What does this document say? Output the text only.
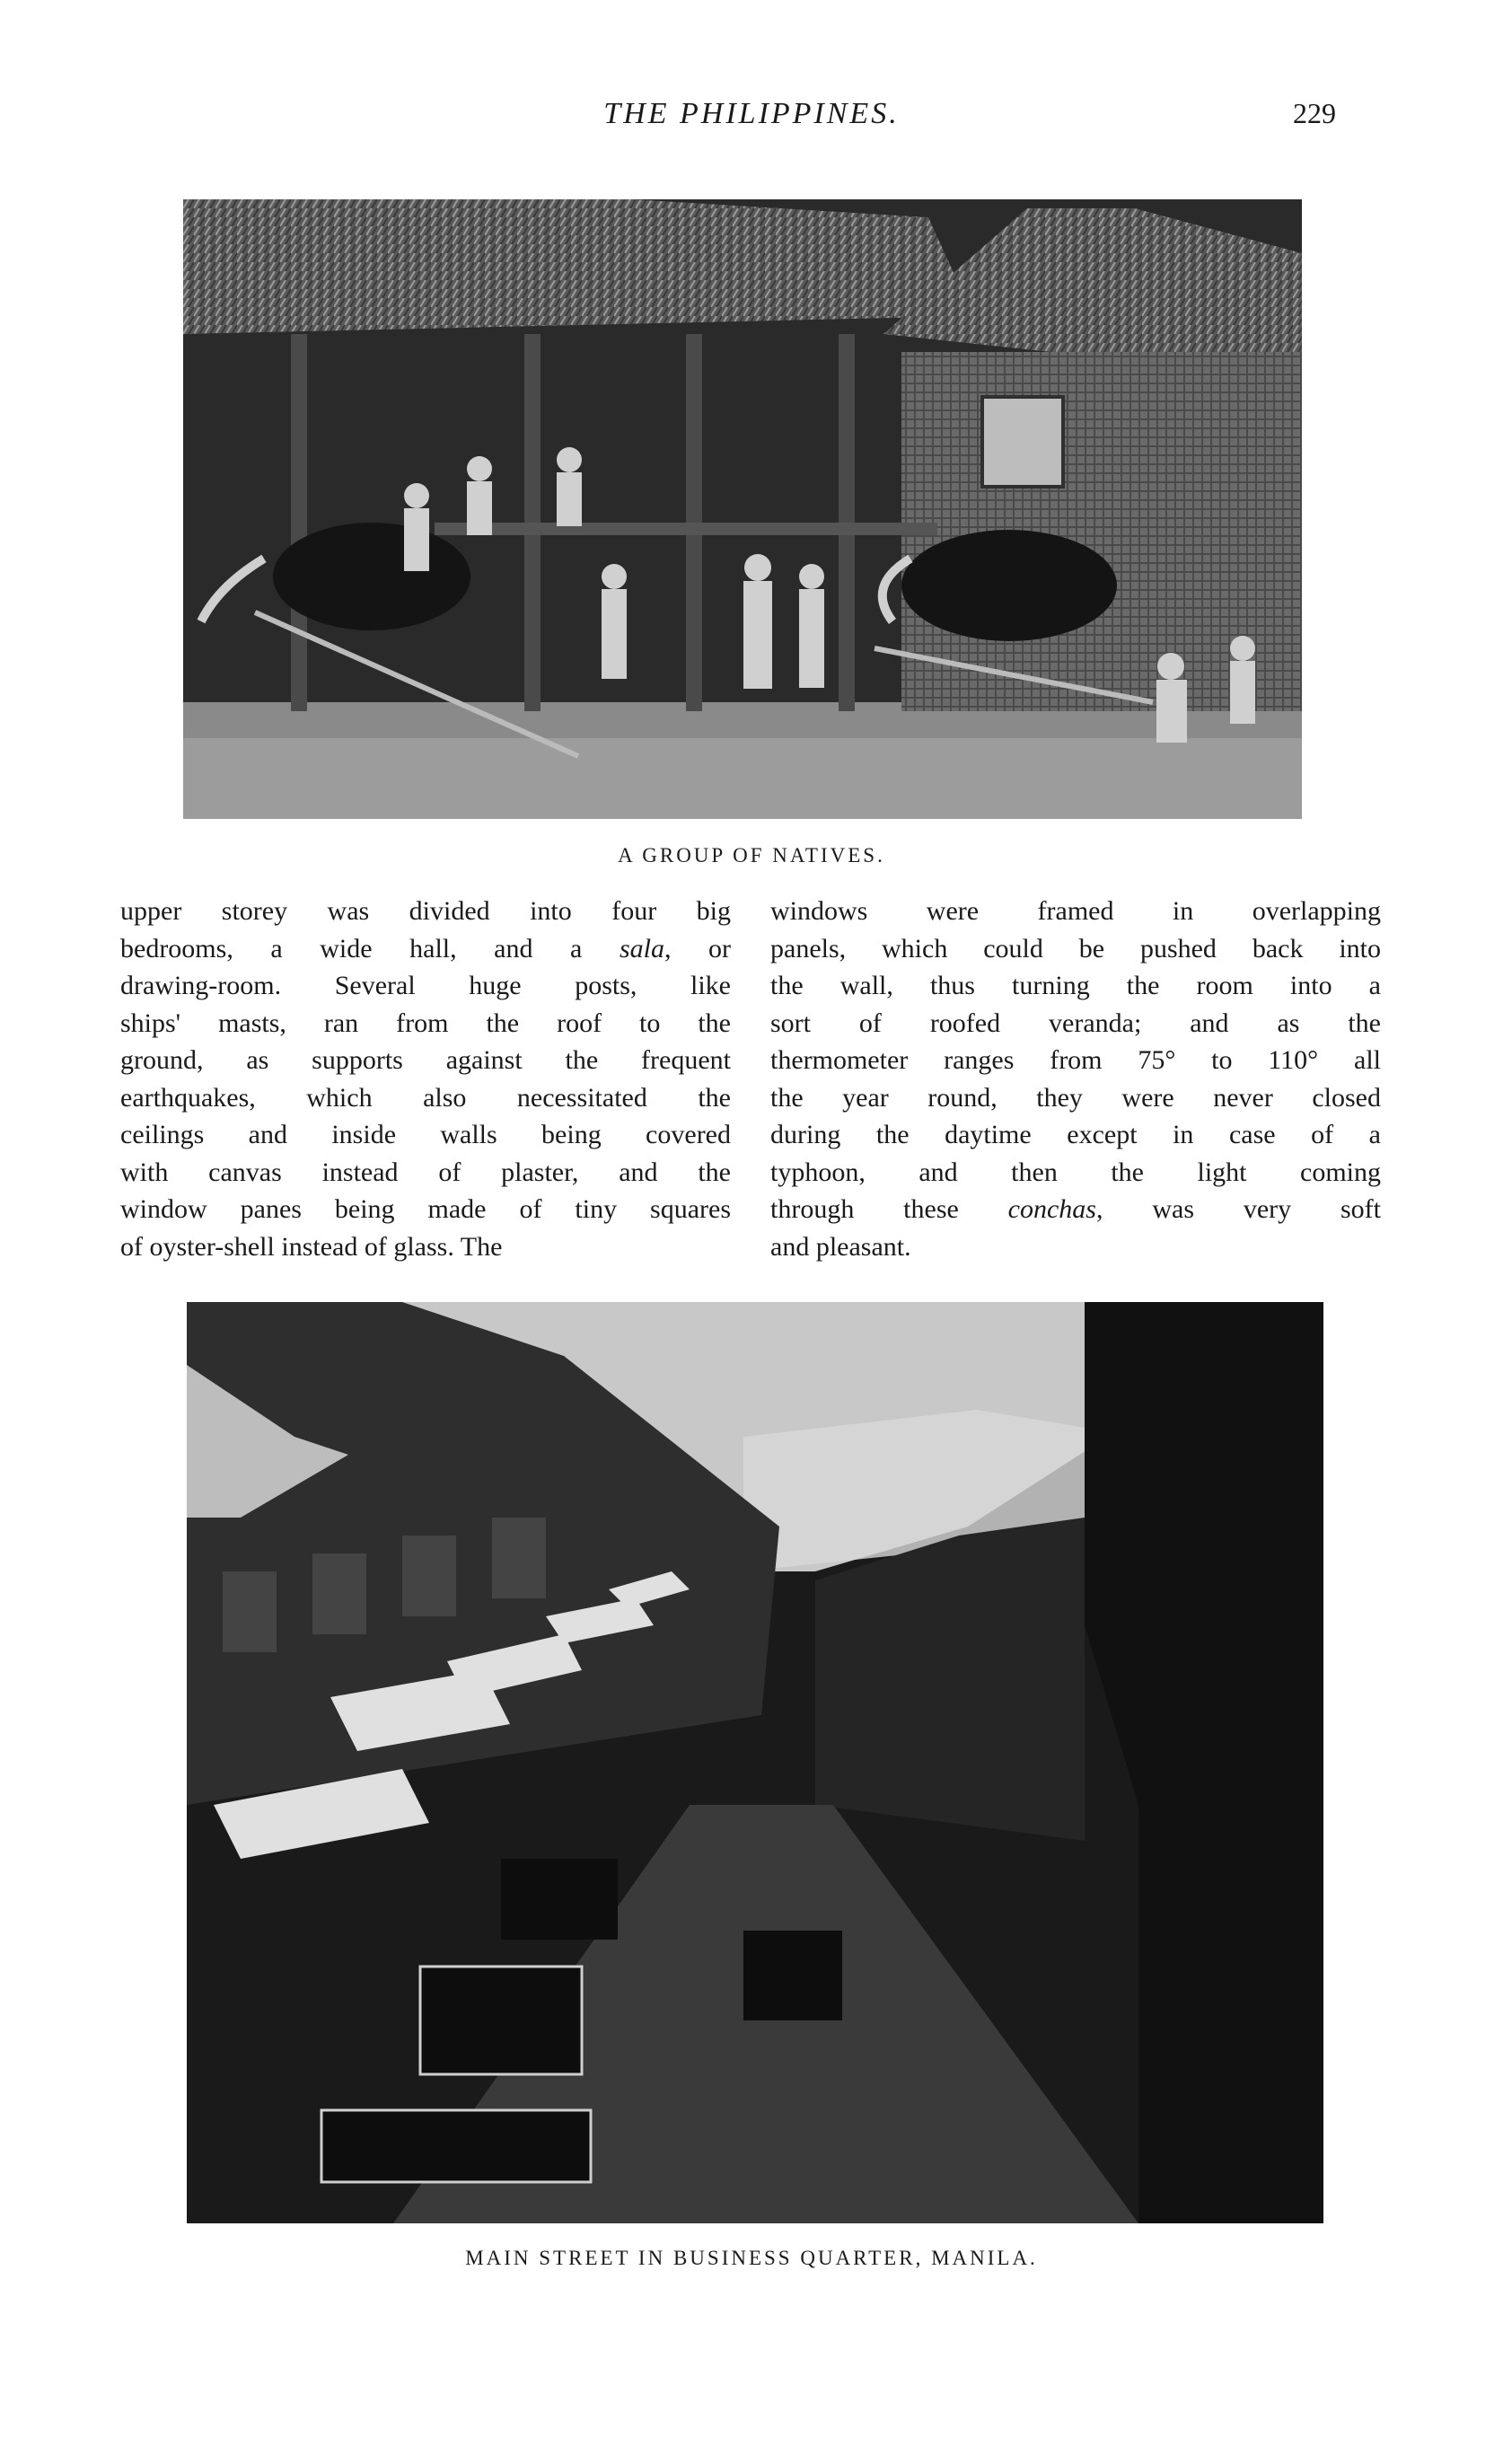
THE PHILIPPINES.	229
A GROUP OF NATIVES.
upper storey was divided into four big
bedrooms, a wide hall, and a sala, or
drawing-room. Several huge posts, like
ships' masts, ran from the roof to the
ground, as supports against the frequent
earthquakes, which also necessitated the
ceilings and inside walls being covered
with canvas instead of plaster, and the
window panes being made of tiny squares
of oyster-shell instead of glass. The
windows were framed in overlapping
panels, which could be pushed back into
the wall, thus turning the room into a
sort of roofed veranda; and as the
thermometer ranges from 75° to 110° all
the year round, they were never closed
during the daytime except in case of a
typhoon, and then the light coming
through these conchas, was very soft
and pleasant.
MAIN STREET IN BUSINESS QUARTER, MANILA.
